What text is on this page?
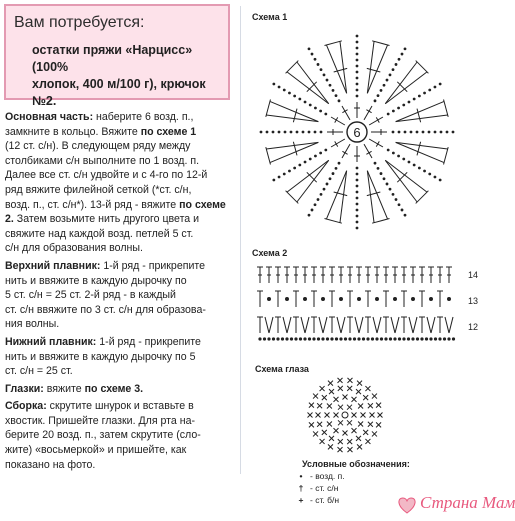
Вам потребуется:
остатки пряжи «Нарцисс» (100%
хлопок, 400 м/100 г), крючок
№2.
Основная часть: наберите 6 возд. п.,
замкните в кольцо. Вяжите по схеме 1
(12 ст. с/н). В следующем ряду между
столбиками с/н выполните по 1 возд. п.
Далее все ст. с/н удвойте и с 4-го по 12-й
ряд вяжите филейной сеткой (*ст. с/н,
возд. п., ст. с/н*). 13-й ряд - вяжите по схеме
2. Затем возьмите нить другого цвета и
свяжите над каждой возд. петлей 5 ст.
с/н для образования волны.
Верхний плавник: 1-й ряд - прикрепите
нить и ввяжите в каждую дырочку по
5 ст. с/н = 25 ст. 2-й ряд - в каждый
ст. с/н ввяжите по 3 ст. с/н для образова-
ния волны.
Нижний плавник: 1-й ряд - прикрепите
нить и ввяжите в каждую дырочку по 5
ст. с/н = 25 ст.
Глазки: вяжите по схеме 3.
Сборка: скрутите шнурок и вставьте в
хвостик. Пришейте глазки. Для рта на-
берите 20 возд. п., затем скрутите (сло-
жите) «восьмеркой» и пришейте, как
показано на фото.
Схема 1
6
Схема 2
14
13
12
Схема глаза
Условные обозначения:
• - возд. п.
† - ст. с/н
+ - ст. б/н	Страна Мам
